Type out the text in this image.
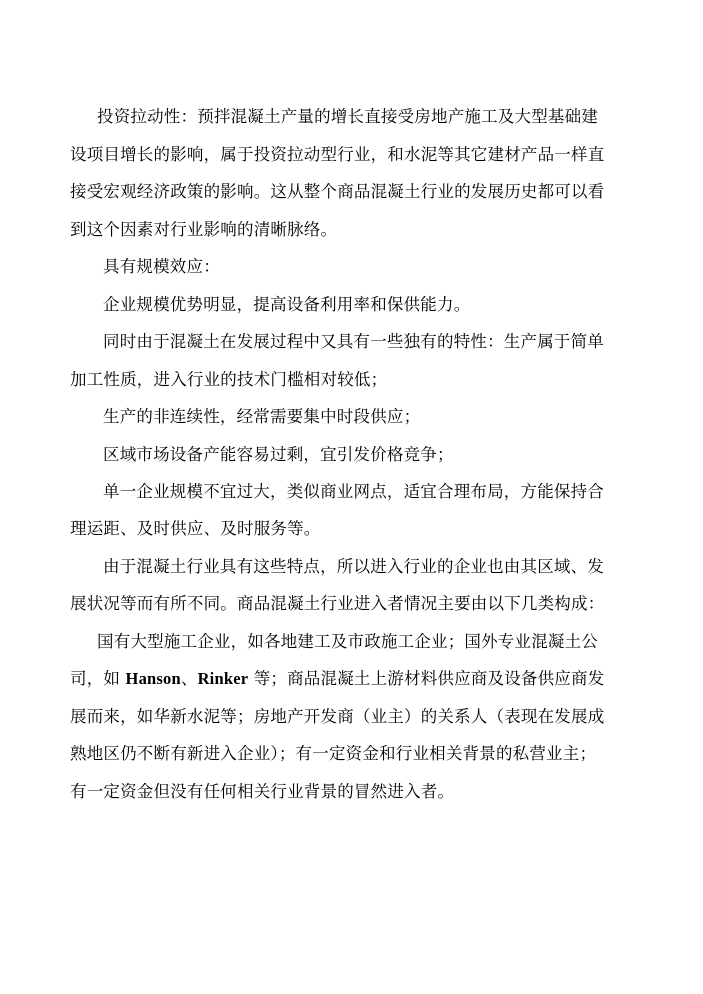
投资拉动性：预拌混凝土产量的增长直接受房地产施工及大型基础建

设项目增长的影响，属于投资拉动型行业，和水泥等其它建材产品一样直

接受宏观经济政策的影响。这从整个商品混凝土行业的发展历史都可以看

到这个因素对行业影响的清晰脉络。

具有规模效应：

企业规模优势明显，提高设备利用率和保供能力。

同时由于混凝土在发展过程中又具有一些独有的特性：生产属于简单

加工性质，进入行业的技术门槛相对较低；

生产的非连续性，经常需要集中时段供应；

区域市场设备产能容易过剩，宜引发价格竞争；

单一企业规模不宜过大，类似商业网点，适宜合理布局，方能保持合

理运距、及时供应、及时服务等。

由于混凝土行业具有这些特点，所以进入行业的企业也由其区域、发

展状况等而有所不同。商品混凝土行业进入者情况主要由以下几类构成：

国有大型施工企业，如各地建工及市政施工企业；国外专业混凝土公

司，如 Hanson、Rinker 等；商品混凝土上游材料供应商及设备供应商发

展而来，如华新水泥等；房地产开发商（业主）的关系人（表现在发展成

熟地区仍不断有新进入企业）；有一定资金和行业相关背景的私营业主；

有一定资金但没有任何相关行业背景的冒然进入者。
